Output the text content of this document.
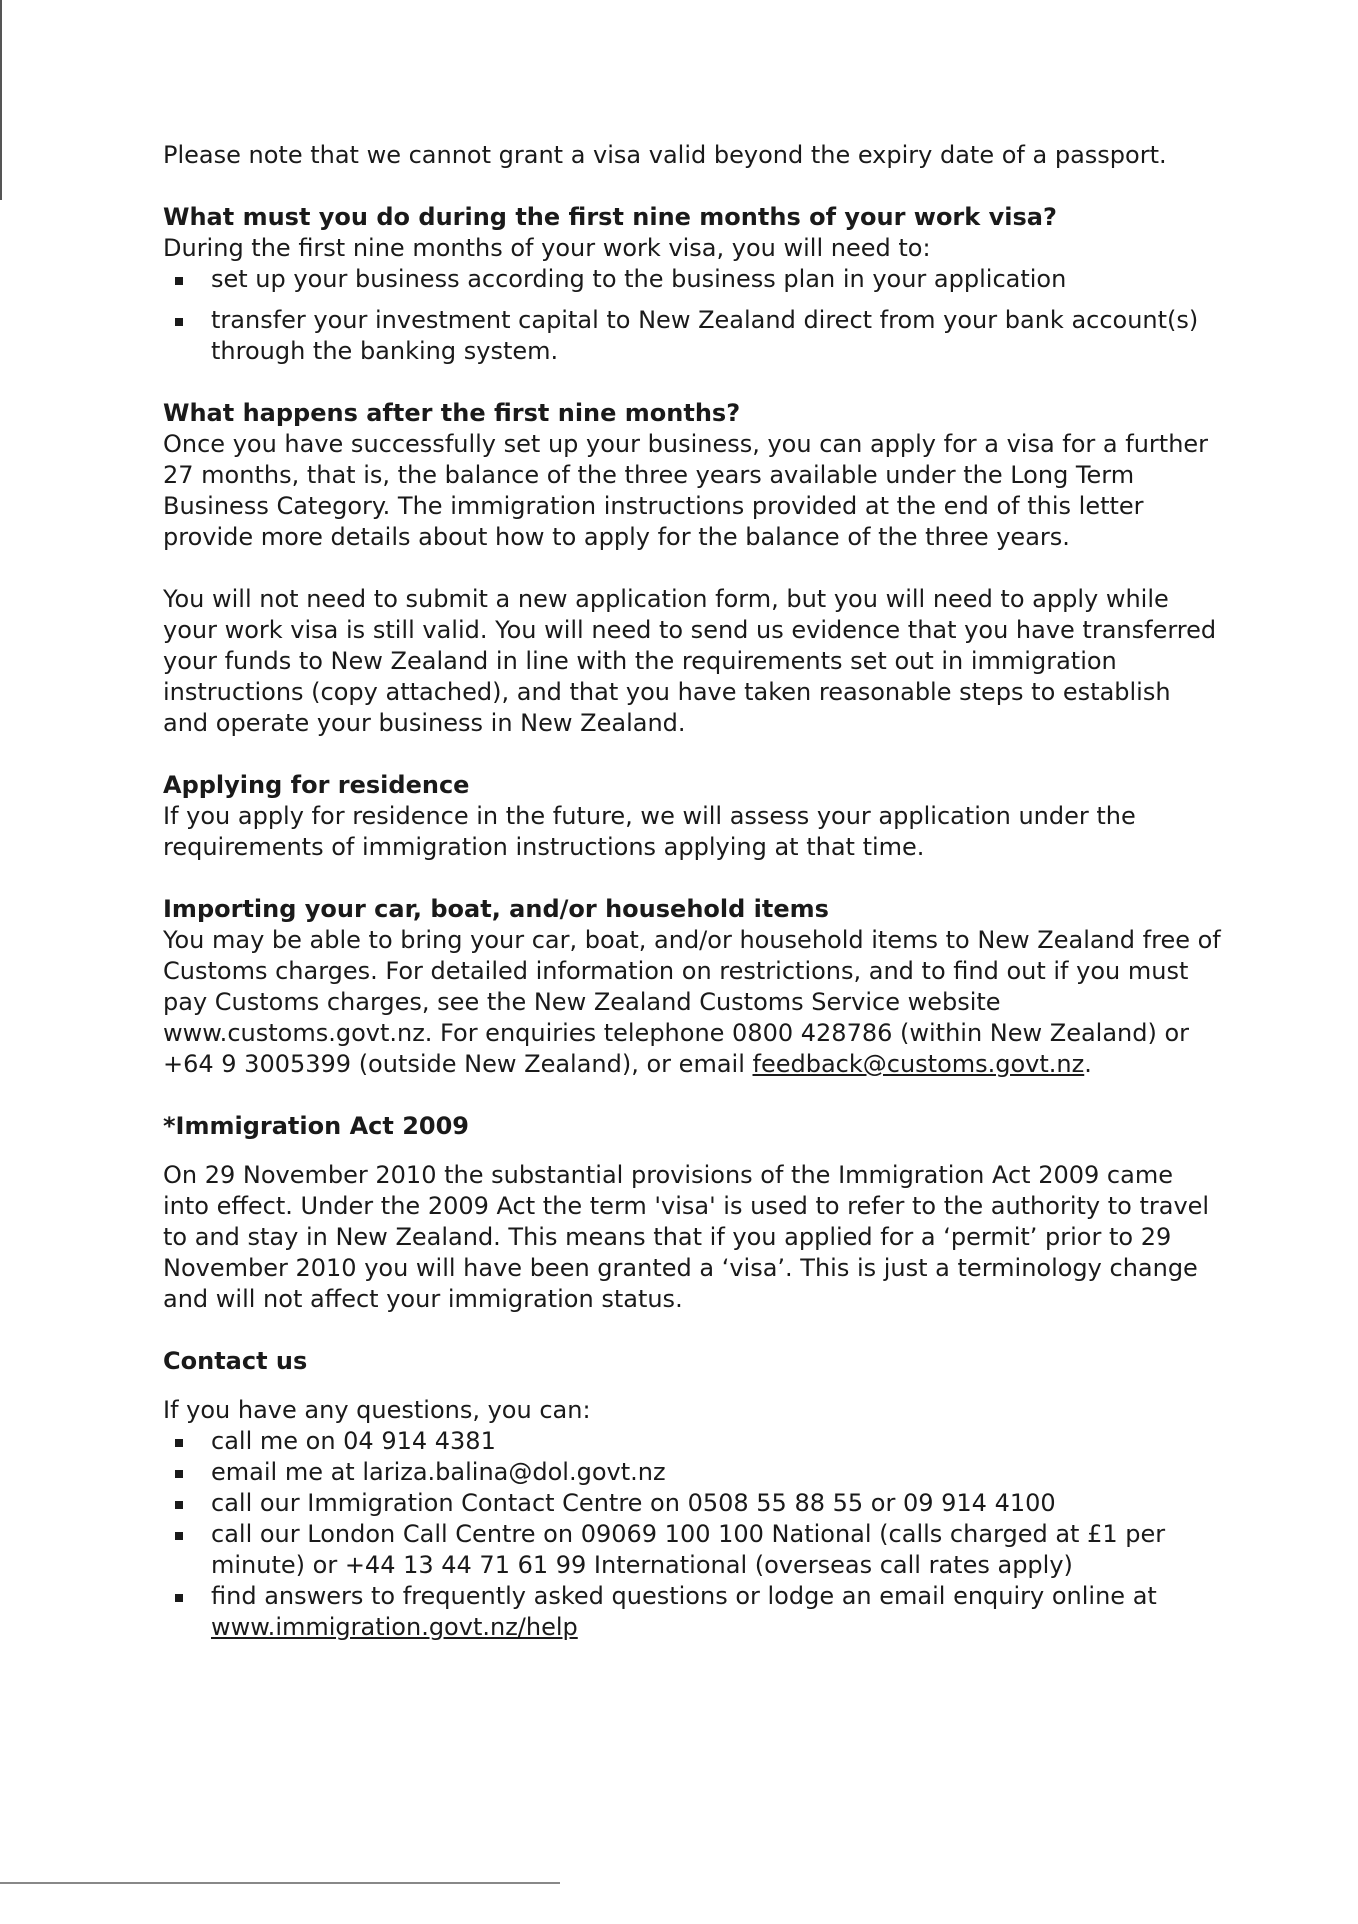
Please note that we cannot grant a visa valid beyond the expiry date of a passport.

What must you do during the first nine months of your work visa?

During the first nine months of your work visa, you will need to:

set up your business according to the business plan in your application
transfer your investment capital to New Zealand direct from your bank account(s) through the banking system.
What happens after the first nine months?

Once you have successfully set up your business, you can apply for a visa for a further 27 months, that is, the balance of the three years available under the Long Term Business Category. The immigration instructions provided at the end of this letter provide more details about how to apply for the balance of the three years.

You will not need to submit a new application form, but you will need to apply while your work visa is still valid. You will need to send us evidence that you have transferred your funds to New Zealand in line with the requirements set out in immigration instructions (copy attached), and that you have taken reasonable steps to establish and operate your business in New Zealand.

Applying for residence

If you apply for residence in the future, we will assess your application under the requirements of immigration instructions applying at that time.

Importing your car, boat, and/or household items

You may be able to bring your car, boat, and/or household items to New Zealand free of Customs charges. For detailed information on restrictions, and to find out if you must pay Customs charges, see the New Zealand Customs Service website www.customs.govt.nz. For enquiries telephone 0800 428786 (within New Zealand) or +64 9 3005399 (outside New Zealand), or email feedback@customs.govt.nz.

*Immigration Act 2009

On 29 November 2010 the substantial provisions of the Immigration Act 2009 came into effect. Under the 2009 Act the term 'visa' is used to refer to the authority to travel to and stay in New Zealand. This means that if you applied for a ‘permit’ prior to 29 November 2010 you will have been granted a ‘visa’. This is just a terminology change and will not affect your immigration status.

Contact us

If you have any questions, you can:

call me on 04 914 4381
email me at lariza.balina@dol.govt.nz
call our Immigration Contact Centre on 0508 55 88 55 or 09 914 4100
call our London Call Centre on 09069 100 100 National (calls charged at £1 per minute) or +44 13 44 71 61 99 International (overseas call rates apply)
find answers to frequently asked questions or lodge an email enquiry online at www.immigration.govt.nz/help
